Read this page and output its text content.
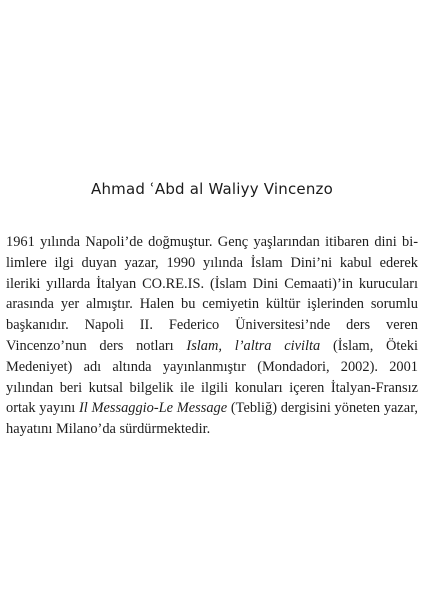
Ahmad ʿAbd al Waliyy Vincenzo

1961 yılında Napoli’de doğmuştur. Genç yaşlarından itibaren dini bilimlere ilgi duyan yazar, 1990 yılında İslam Dini’ni kabul ederek ileriki yıllarda İtalyan CO.RE.IS. (İslam Dini Cemaati)’in kurucuları arasında yer almıştır. Halen bu cemiyetin kültür işlerinden sorumlu başkanıdır. Napoli II. Federico Üniversitesi’nde ders veren Vincenzo’nun ders notları Islam, l’altra civilta (İslam, Öteki Medeniyet) adı altında yayınlanmıştır (Mondadori, 2002). 2001 yılından beri kutsal bilgelik ile ilgili konuları içeren İtalyan-Fransız ortak yayını Il Messaggio-Le Message (Tebliğ) dergisini yöneten yazar, hayatını Milano’da sürdürmektedir.
